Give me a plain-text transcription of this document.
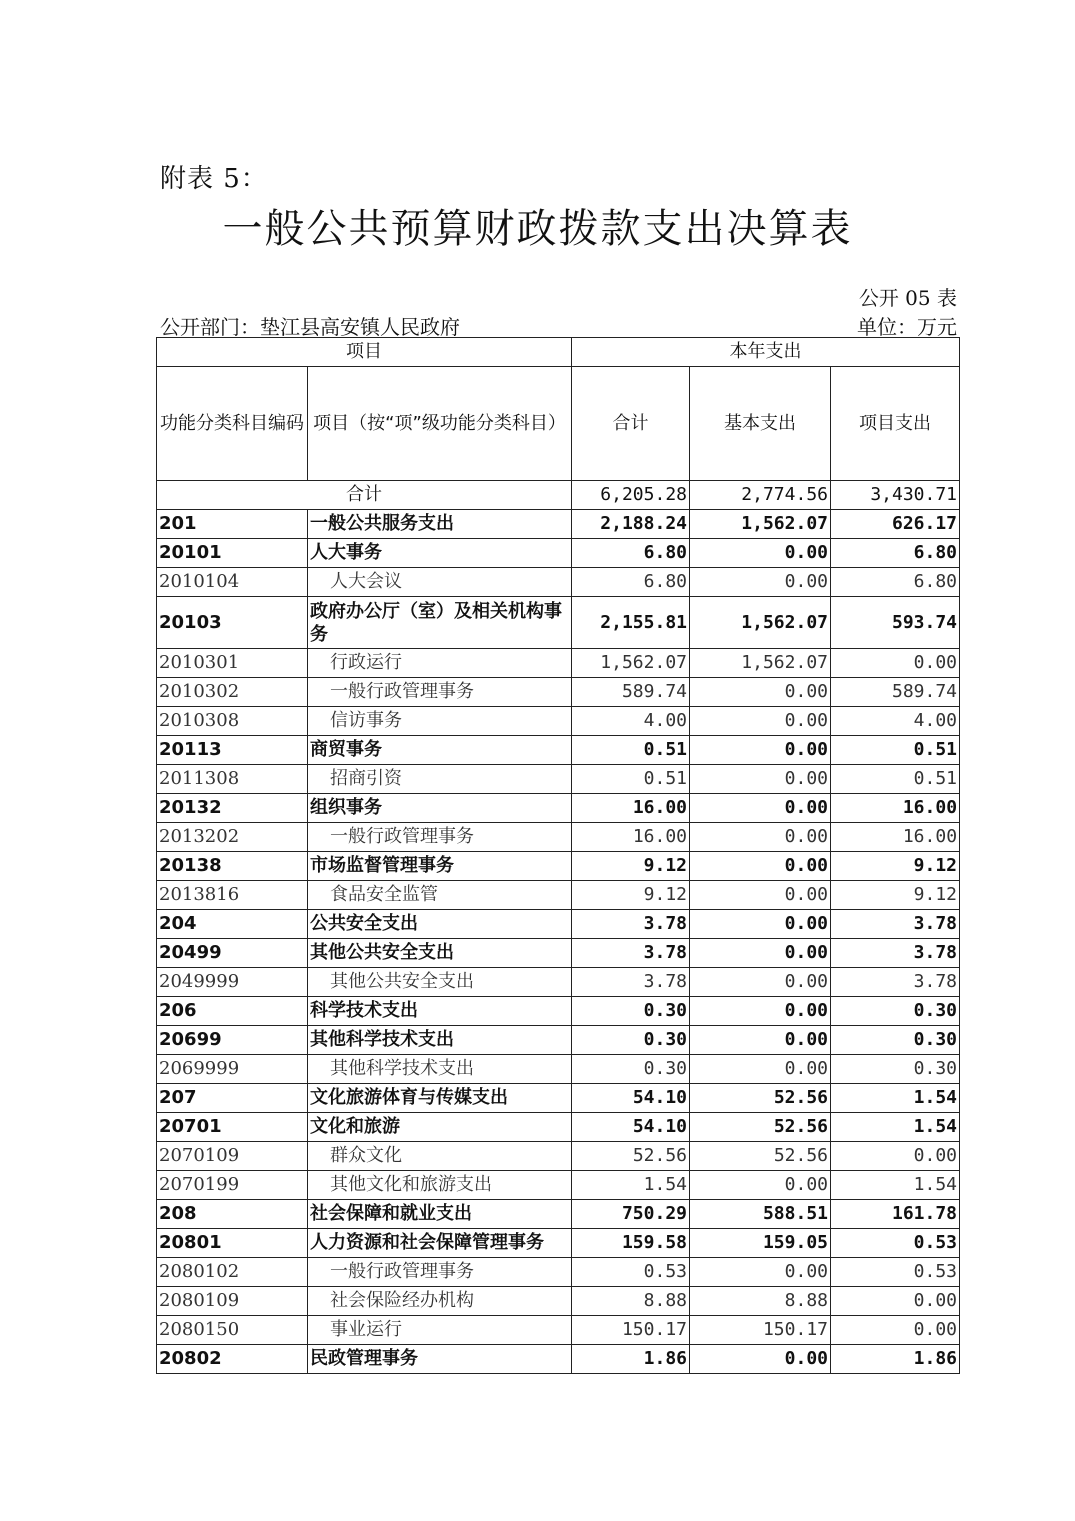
附表 5：
一般公共预算财政拨款支出决算表
公开 05 表
公开部门：垫江县高安镇人民政府	单位：万元
项目		本年支出		
功能分类科目编码	项目（按“项”级功能分类科目）	合计	基本支出	项目支出
合计		6,205.28	2,774.56	3,430.71
201	一般公共服务支出	2,188.24	1,562.07	626.17
20101	人大事务	6.80	0.00	6.80
2010104	人大会议	6.80	0.00	6.80
20103	政府办公厅（室）及相关机构事务	2,155.81	1,562.07	593.74
2010301	行政运行	1,562.07	1,562.07	0.00
2010302	一般行政管理事务	589.74	0.00	589.74
2010308	信访事务	4.00	0.00	4.00
20113	商贸事务	0.51	0.00	0.51
2011308	招商引资	0.51	0.00	0.51
20132	组织事务	16.00	0.00	16.00
2013202	一般行政管理事务	16.00	0.00	16.00
20138	市场监督管理事务	9.12	0.00	9.12
2013816	食品安全监管	9.12	0.00	9.12
204	公共安全支出	3.78	0.00	3.78
20499	其他公共安全支出	3.78	0.00	3.78
2049999	其他公共安全支出	3.78	0.00	3.78
206	科学技术支出	0.30	0.00	0.30
20699	其他科学技术支出	0.30	0.00	0.30
2069999	其他科学技术支出	0.30	0.00	0.30
207	文化旅游体育与传媒支出	54.10	52.56	1.54
20701	文化和旅游	54.10	52.56	1.54
2070109	群众文化	52.56	52.56	0.00
2070199	其他文化和旅游支出	1.54	0.00	1.54
208	社会保障和就业支出	750.29	588.51	161.78
20801	人力资源和社会保障管理事务	159.58	159.05	0.53
2080102	一般行政管理事务	0.53	0.00	0.53
2080109	社会保险经办机构	8.88	8.88	0.00
2080150	事业运行	150.17	150.17	0.00
20802	民政管理事务	1.86	0.00	1.86
